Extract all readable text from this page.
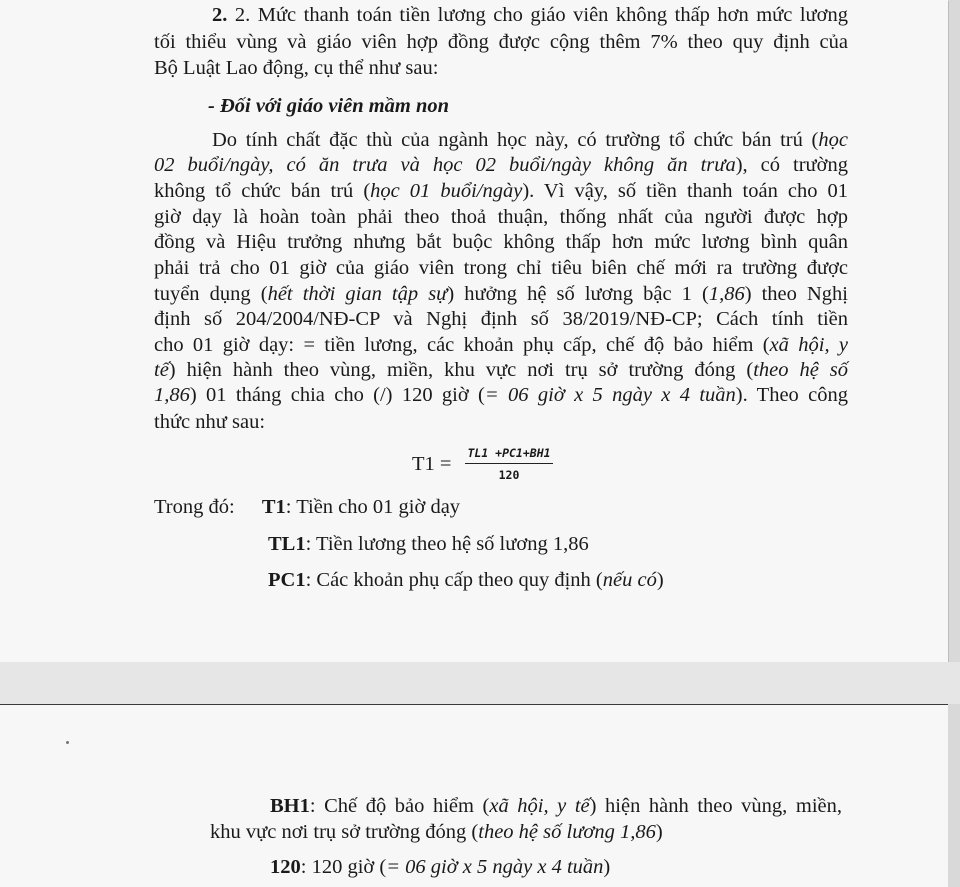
2. 2. Mức thanh toán tiền lương cho giáo viên không thấp hơn mức lương

tối thiểu vùng và giáo viên hợp đồng được cộng thêm 7% theo quy định của

Bộ Luật Lao động, cụ thể như sau:

- Đối với giáo viên mầm non

Do tính chất đặc thù của ngành học này, có trường tổ chức bán trú (học

02 buổi/ngày, có ăn trưa và học 02 buổi/ngày không ăn trưa), có trường

không tổ chức bán trú (học 01 buổi/ngày). Vì vậy, số tiền thanh toán cho 01

giờ dạy là hoàn toàn phải theo thoả thuận, thống nhất của người được hợp

đồng và Hiệu trưởng nhưng bắt buộc không thấp hơn mức lương bình quân

phải trả cho 01 giờ của giáo viên trong chỉ tiêu biên chế mới ra trường được

tuyển dụng (hết thời gian tập sự) hưởng hệ số lương bậc 1 (1,86) theo Nghị

định số 204/2004/NĐ-CP và Nghị định số 38/2019/NĐ-CP; Cách tính tiền

cho 01 giờ dạy: = tiền lương, các khoản phụ cấp, chế độ bảo hiểm (xã hội, y

tế) hiện hành theo vùng, miền, khu vực nơi trụ sở trường đóng (theo hệ số

1,86) 01 tháng chia cho (/) 120 giờ (= 06 giờ x 5 ngày x 4 tuần). Theo công

thức như sau:

$T1 = \frac{TL1 +PC1+BH1}{120}$

Trong đó: T1: Tiền cho 01 giờ dạy

TL1: Tiền lương theo hệ số lương 1,86

PC1: Các khoản phụ cấp theo quy định (nếu có)

BH1: Chế độ bảo hiểm (xã hội, y tế) hiện hành theo vùng, miền,

khu vực nơi trụ sở trường đóng (theo hệ số lương 1,86)

120: 120 giờ (= 06 giờ x 5 ngày x 4 tuần)
